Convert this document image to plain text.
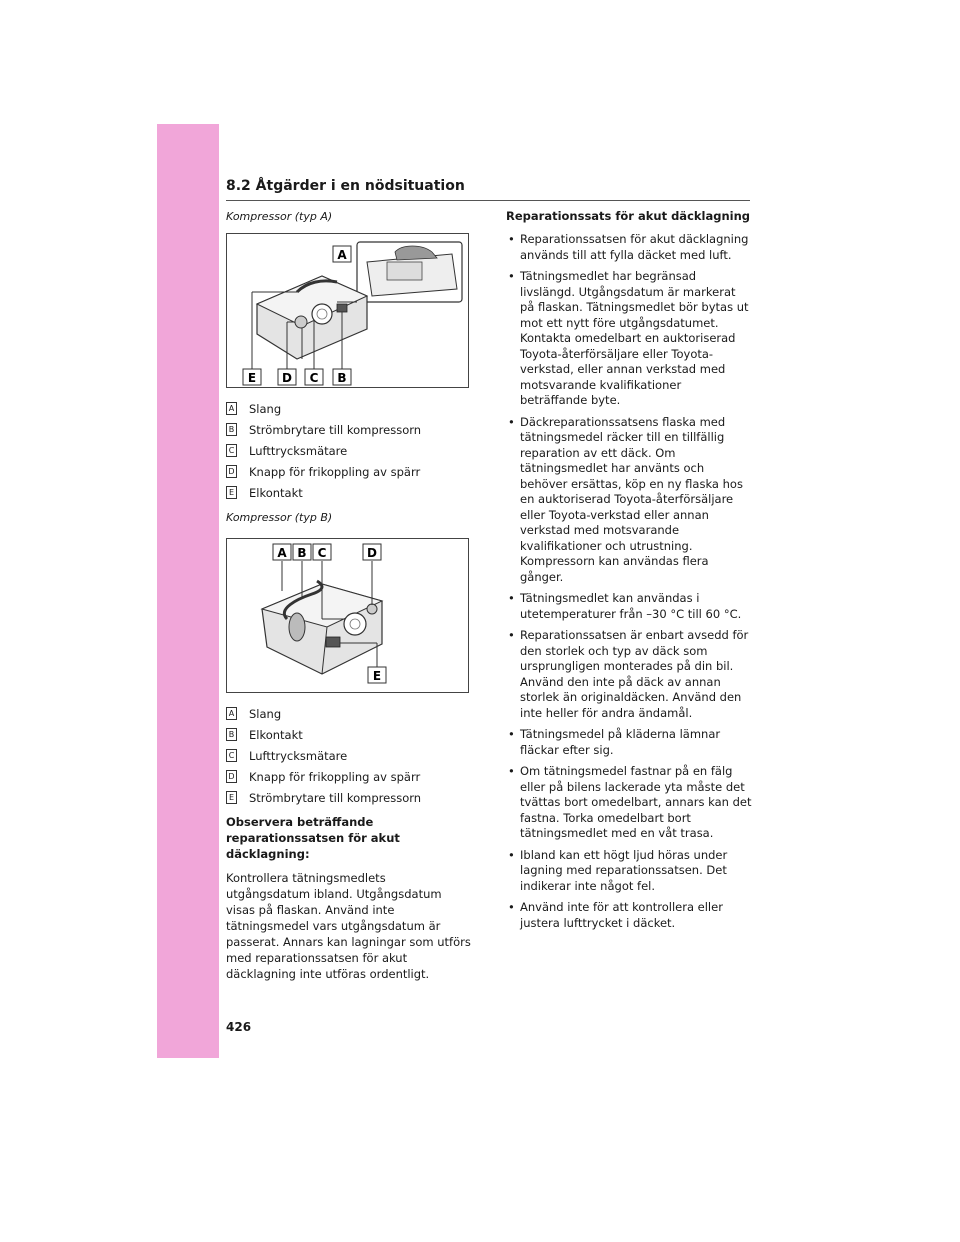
8.2 Åtgärder i en nödsituation
Kompressor (typ A)
A
E D C B
A Slang
B Strömbrytare till kompressorn
C Lufttrycksmätare
D Knapp för frikoppling av spärr
E Elkontakt
Kompressor (typ B)
A B C	D
E
A Slang
B Elkontakt
C Lufttrycksmätare
D Knapp för frikoppling av spärr
E Strömbrytare till kompressorn
Observera beträffande reparationssatsen för akut däcklagning:

Kontrollera tätningsmedlets utgångsdatum ibland. Utgångsdatum visas på flaskan. Använd inte tätningsmedel vars utgångsdatum är passerat. Annars kan lagningar som utförs med reparationssatsen för akut däcklagning inte utföras ordentligt.

Reparationssats för akut däcklagning
• Reparationssatsen för akut däcklagning används till att fylla däcket med luft.
• Tätningsmedlet har begränsad livslängd. Utgångsdatum är markerat på flaskan. Tätningsmedlet bör bytas ut mot ett nytt före utgångsdatumet. Kontakta omedelbart en auktoriserad Toyota-återförsäljare eller Toyota-verkstad, eller annan verkstad med motsvarande kvalifikationer beträffande byte.
• Däckreparationssatsens flaska med tätningsmedel räcker till en tillfällig reparation av ett däck. Om tätningsmedlet har använts och behöver ersättas, köp en ny flaska hos en auktoriserad Toyota-återförsäljare eller Toyota-verkstad eller annan verkstad med motsvarande kvalifikationer och utrustning. Kompressorn kan användas flera gånger.
• Tätningsmedlet kan användas i utetemperaturer från –30 °C till 60 °C.
• Reparationssatsen är enbart avsedd för den storlek och typ av däck som ursprungligen monterades på din bil. Använd den inte på däck av annan storlek än originaldäcken. Använd den inte heller för andra ändamål.
• Tätningsmedel på kläderna lämnar fläckar efter sig.
• Om tätningsmedel fastnar på en fälg eller på bilens lackerade yta måste det tvättas bort omedelbart, annars kan det fastna. Torka omedelbart bort tätningsmedlet med en våt trasa.
• Ibland kan ett högt ljud höras under lagning med reparationssatsen. Det indikerar inte något fel.
• Använd inte för att kontrollera eller justera lufttrycket i däcket.
426
